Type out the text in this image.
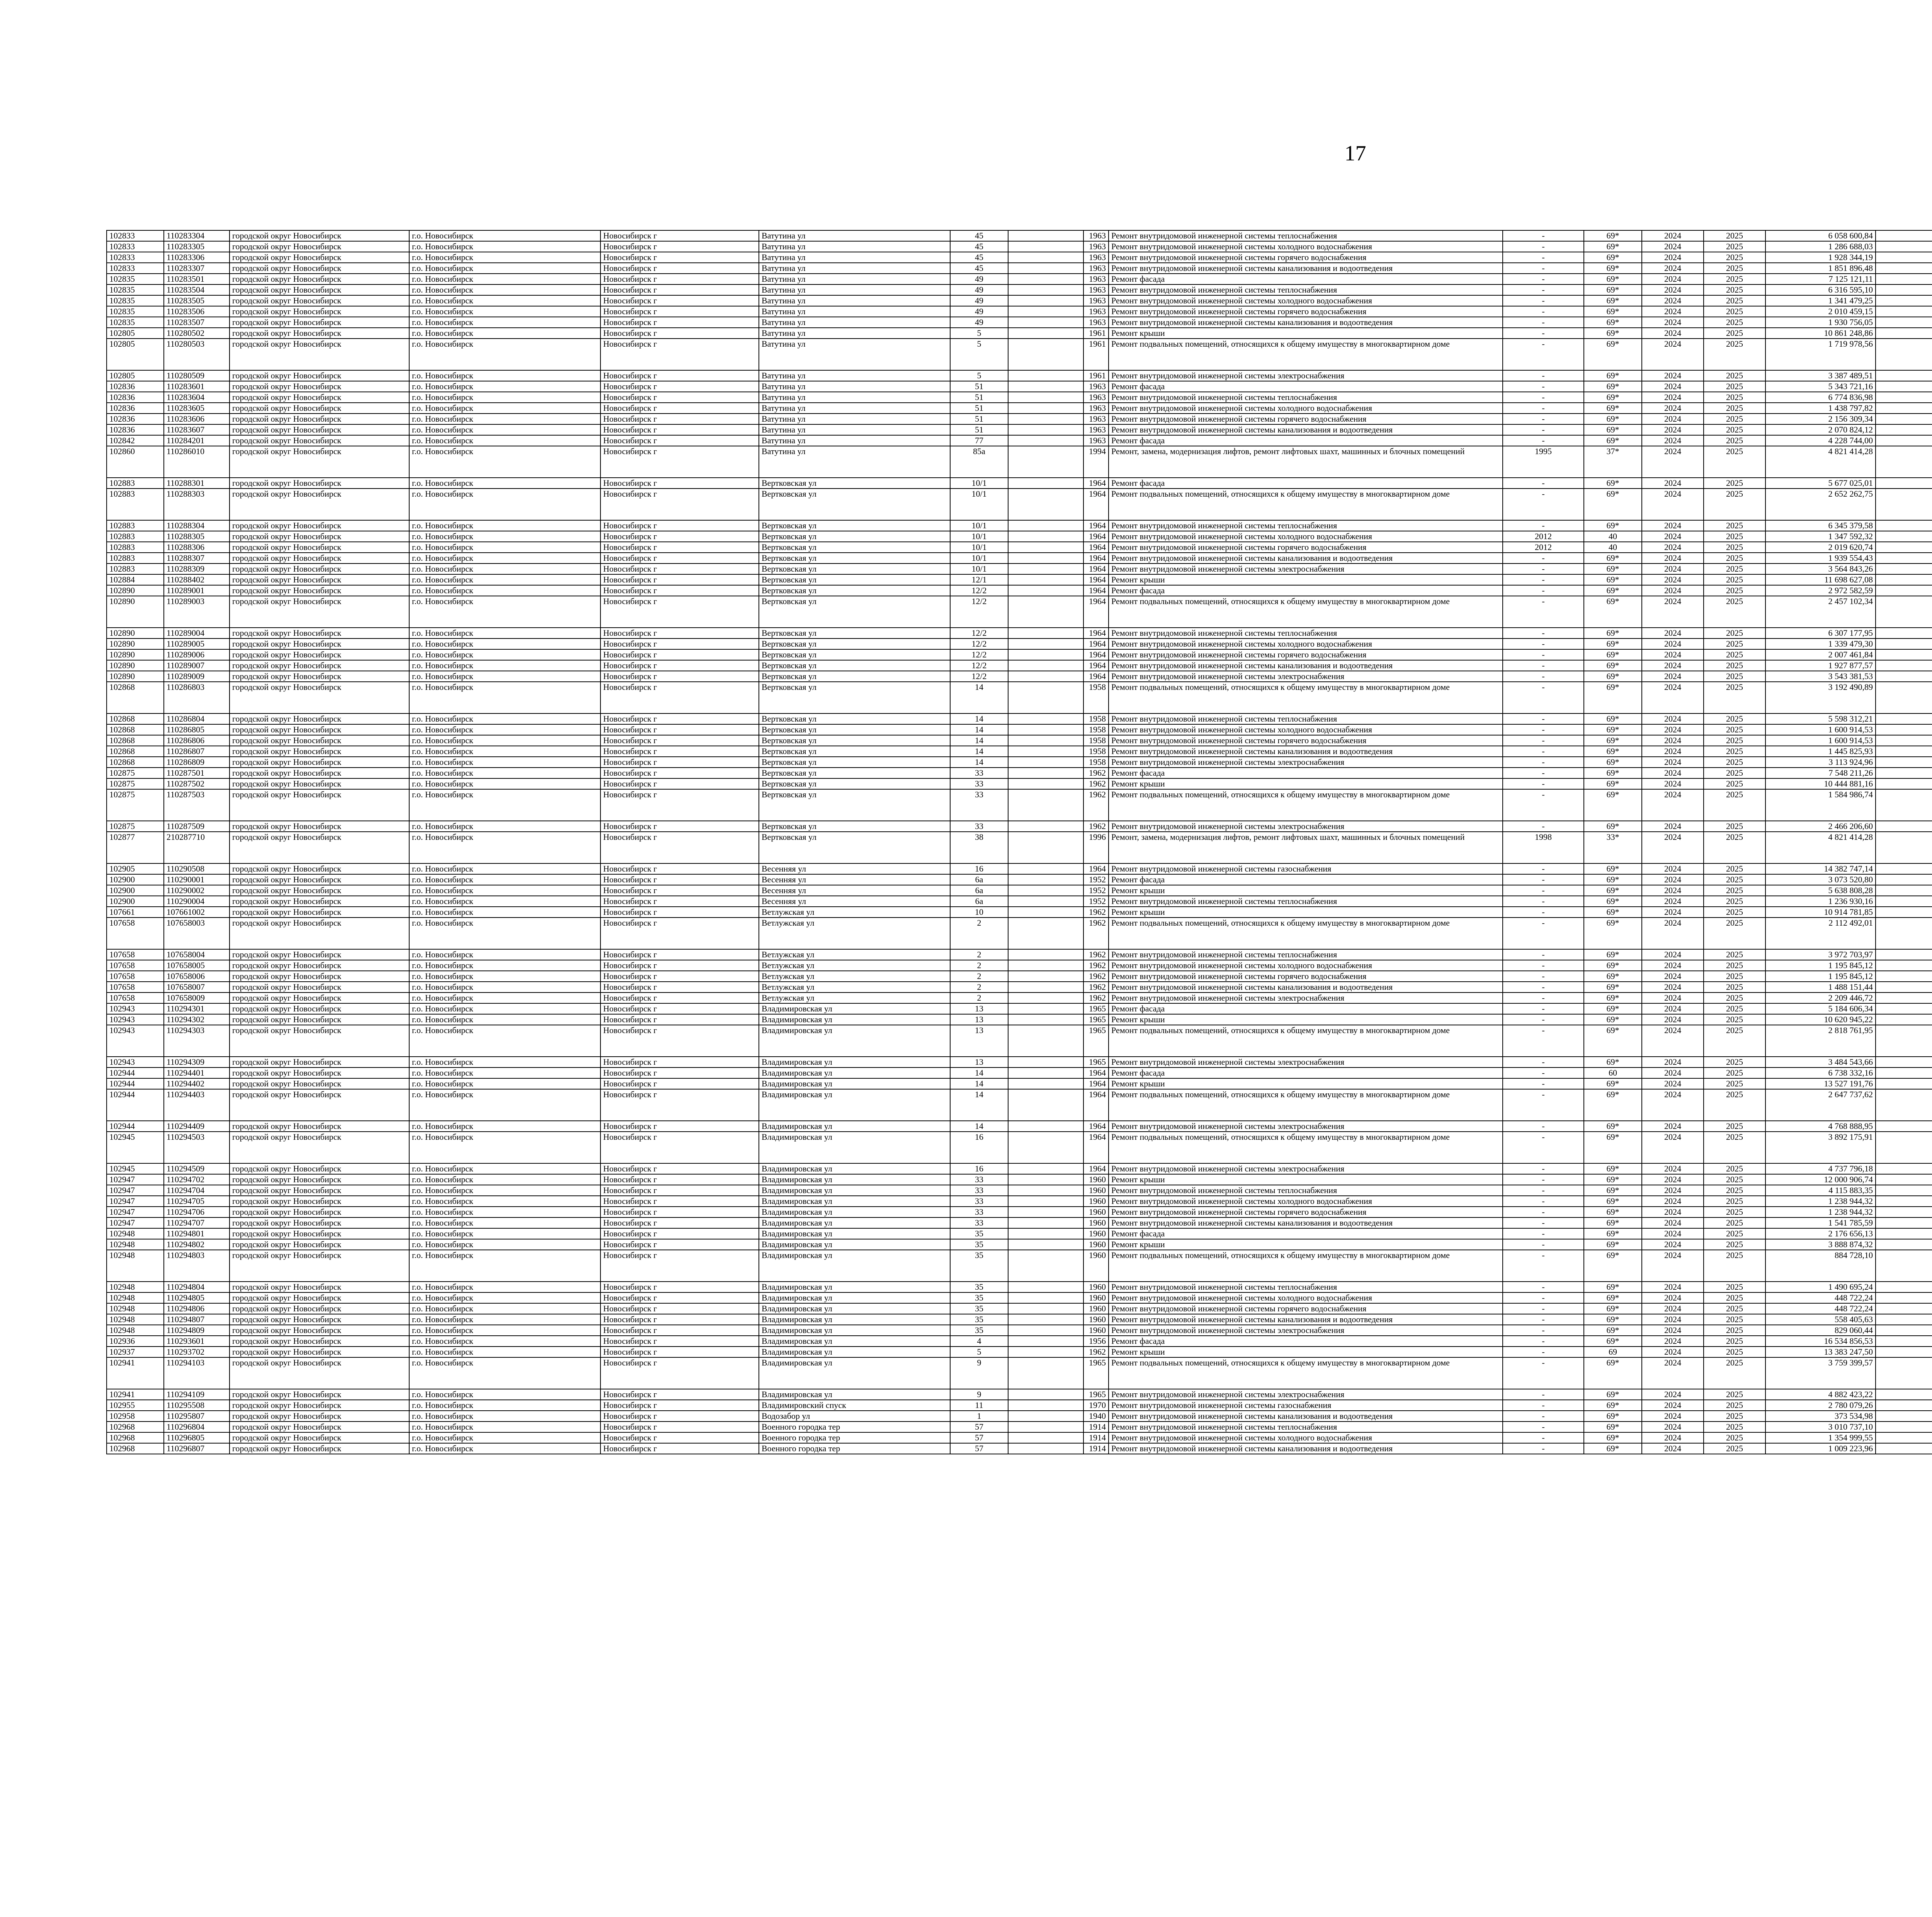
17
102833	110283304	городской округ Новосибирск	г.о. Новосибирск	Новосибирск г	Ватутина ул	45		1963	Ремонт внутридомовой инженерной системы теплоснабжения	-	69*	2024	2025	6 058 600,84						
102833	110283305	городской округ Новосибирск	г.о. Новосибирск	Новосибирск г	Ватутина ул	45		1963	Ремонт внутридомовой инженерной системы холодного водоснабжения	-	69*	2024	2025	1 286 688,03						
102833	110283306	городской округ Новосибирск	г.о. Новосибирск	Новосибирск г	Ватутина ул	45		1963	Ремонт внутридомовой инженерной системы горячего водоснабжения	-	69*	2024	2025	1 928 344,19						
102833	110283307	городской округ Новосибирск	г.о. Новосибирск	Новосибирск г	Ватутина ул	45		1963	Ремонт внутридомовой инженерной системы канализования и водоотведения	-	69*	2024	2025	1 851 896,48						
102835	110283501	городской округ Новосибирск	г.о. Новосибирск	Новосибирск г	Ватутина ул	49		1963	Ремонт фасада	-	69*	2024	2025	7 125 121,11						
102835	110283504	городской округ Новосибирск	г.о. Новосибирск	Новосибирск г	Ватутина ул	49		1963	Ремонт внутридомовой инженерной системы теплоснабжения	-	69*	2024	2025	6 316 595,10						
102835	110283505	городской округ Новосибирск	г.о. Новосибирск	Новосибирск г	Ватутина ул	49		1963	Ремонт внутридомовой инженерной системы холодного водоснабжения	-	69*	2024	2025	1 341 479,25						
102835	110283506	городской округ Новосибирск	г.о. Новосибирск	Новосибирск г	Ватутина ул	49		1963	Ремонт внутридомовой инженерной системы горячего водоснабжения	-	69*	2024	2025	2 010 459,15						
102835	110283507	городской округ Новосибирск	г.о. Новосибирск	Новосибирск г	Ватутина ул	49		1963	Ремонт внутридомовой инженерной системы канализования и водоотведения	-	69*	2024	2025	1 930 756,05						
102805	110280502	городской округ Новосибирск	г.о. Новосибирск	Новосибирск г	Ватутина ул	5		1961	Ремонт крыши	-	69*	2024	2025	10 861 248,86						
102805	110280503	городской округ Новосибирск	г.о. Новосибирск	Новосибирск г	Ватутина ул	5		1961	Ремонт подвальных помещений, относящихся к общему имуществу в многоквартирном доме	-	69*	2024	2025	1 719 978,56						
102805	110280509	городской округ Новосибирск	г.о. Новосибирск	Новосибирск г	Ватутина ул	5		1961	Ремонт внутридомовой инженерной системы электроснабжения	-	69*	2024	2025	3 387 489,51						
102836	110283601	городской округ Новосибирск	г.о. Новосибирск	Новосибирск г	Ватутина ул	51		1963	Ремонт фасада	-	69*	2024	2025	5 343 721,16						
102836	110283604	городской округ Новосибирск	г.о. Новосибирск	Новосибирск г	Ватутина ул	51		1963	Ремонт внутридомовой инженерной системы теплоснабжения	-	69*	2024	2025	6 774 836,98						
102836	110283605	городской округ Новосибирск	г.о. Новосибирск	Новосибирск г	Ватутина ул	51		1963	Ремонт внутридомовой инженерной системы холодного водоснабжения	-	69*	2024	2025	1 438 797,82						
102836	110283606	городской округ Новосибирск	г.о. Новосибирск	Новосибирск г	Ватутина ул	51		1963	Ремонт внутридомовой инженерной системы горячего водоснабжения	-	69*	2024	2025	2 156 309,34						
102836	110283607	городской округ Новосибирск	г.о. Новосибирск	Новосибирск г	Ватутина ул	51		1963	Ремонт внутридомовой инженерной системы канализования и водоотведения	-	69*	2024	2025	2 070 824,12						
102842	110284201	городской округ Новосибирск	г.о. Новосибирск	Новосибирск г	Ватутина ул	77		1963	Ремонт фасада	-	69*	2024	2025	4 228 744,00						
102860	110286010	городской округ Новосибирск	г.о. Новосибирск	Новосибирск г	Ватутина ул	85а		1994	Ремонт, замена, модернизация лифтов, ремонт лифтовых шахт, машинных и блочных помещений	1995	37*	2024	2025	4 821 414,28						
102883	110288301	городской округ Новосибирск	г.о. Новосибирск	Новосибирск г	Вертковская ул	10/1		1964	Ремонт фасада	-	69*	2024	2025	5 677 025,01						
102883	110288303	городской округ Новосибирск	г.о. Новосибирск	Новосибирск г	Вертковская ул	10/1		1964	Ремонт подвальных помещений, относящихся к общему имуществу в многоквартирном доме	-	69*	2024	2025	2 652 262,75						
102883	110288304	городской округ Новосибирск	г.о. Новосибирск	Новосибирск г	Вертковская ул	10/1		1964	Ремонт внутридомовой инженерной системы теплоснабжения	-	69*	2024	2025	6 345 379,58						
102883	110288305	городской округ Новосибирск	г.о. Новосибирск	Новосибирск г	Вертковская ул	10/1		1964	Ремонт внутридомовой инженерной системы холодного водоснабжения	2012	40	2024	2025	1 347 592,32						
102883	110288306	городской округ Новосибирск	г.о. Новосибирск	Новосибирск г	Вертковская ул	10/1		1964	Ремонт внутридомовой инженерной системы горячего водоснабжения	2012	40	2024	2025	2 019 620,74						
102883	110288307	городской округ Новосибирск	г.о. Новосибирск	Новосибирск г	Вертковская ул	10/1		1964	Ремонт внутридомовой инженерной системы канализования и водоотведения	-	69*	2024	2025	1 939 554,43						
102883	110288309	городской округ Новосибирск	г.о. Новосибирск	Новосибирск г	Вертковская ул	10/1		1964	Ремонт внутридомовой инженерной системы электроснабжения	-	69*	2024	2025	3 564 843,26						
102884	110288402	городской округ Новосибирск	г.о. Новосибирск	Новосибирск г	Вертковская ул	12/1		1964	Ремонт крыши	-	69*	2024	2025	11 698 627,08						
102890	110289001	городской округ Новосибирск	г.о. Новосибирск	Новосибирск г	Вертковская ул	12/2		1964	Ремонт фасада	-	69*	2024	2025	2 972 582,59						
102890	110289003	городской округ Новосибирск	г.о. Новосибирск	Новосибирск г	Вертковская ул	12/2		1964	Ремонт подвальных помещений, относящихся к общему имуществу в многоквартирном доме	-	69*	2024	2025	2 457 102,34						
102890	110289004	городской округ Новосибирск	г.о. Новосибирск	Новосибирск г	Вертковская ул	12/2		1964	Ремонт внутридомовой инженерной системы теплоснабжения	-	69*	2024	2025	6 307 177,95						
102890	110289005	городской округ Новосибирск	г.о. Новосибирск	Новосибирск г	Вертковская ул	12/2		1964	Ремонт внутридомовой инженерной системы холодного водоснабжения	-	69*	2024	2025	1 339 479,30						
102890	110289006	городской округ Новосибирск	г.о. Новосибирск	Новосибирск г	Вертковская ул	12/2		1964	Ремонт внутридомовой инженерной системы горячего водоснабжения	-	69*	2024	2025	2 007 461,84						
102890	110289007	городской округ Новосибирск	г.о. Новосибирск	Новосибирск г	Вертковская ул	12/2		1964	Ремонт внутридомовой инженерной системы канализования и водоотведения	-	69*	2024	2025	1 927 877,57						
102890	110289009	городской округ Новосибирск	г.о. Новосибирск	Новосибирск г	Вертковская ул	12/2		1964	Ремонт внутридомовой инженерной системы электроснабжения	-	69*	2024	2025	3 543 381,53						
102868	110286803	городской округ Новосибирск	г.о. Новосибирск	Новосибирск г	Вертковская ул	14		1958	Ремонт подвальных помещений, относящихся к общему имуществу в многоквартирном доме	-	69*	2024	2025	3 192 490,89						
102868	110286804	городской округ Новосибирск	г.о. Новосибирск	Новосибирск г	Вертковская ул	14		1958	Ремонт внутридомовой инженерной системы теплоснабжения	-	69*	2024	2025	5 598 312,21						
102868	110286805	городской округ Новосибирск	г.о. Новосибирск	Новосибирск г	Вертковская ул	14		1958	Ремонт внутридомовой инженерной системы холодного водоснабжения	-	69*	2024	2025	1 600 914,53						
102868	110286806	городской округ Новосибирск	г.о. Новосибирск	Новосибирск г	Вертковская ул	14		1958	Ремонт внутридомовой инженерной системы горячего водоснабжения	-	69*	2024	2025	1 600 914,53						
102868	110286807	городской округ Новосибирск	г.о. Новосибирск	Новосибирск г	Вертковская ул	14		1958	Ремонт внутридомовой инженерной системы канализования и водоотведения	-	69*	2024	2025	1 445 825,93						
102868	110286809	городской округ Новосибирск	г.о. Новосибирск	Новосибирск г	Вертковская ул	14		1958	Ремонт внутридомовой инженерной системы электроснабжения	-	69*	2024	2025	3 113 924,96						
102875	110287501	городской округ Новосибирск	г.о. Новосибирск	Новосибирск г	Вертковская ул	33		1962	Ремонт фасада	-	69*	2024	2025	7 548 211,26						
102875	110287502	городской округ Новосибирск	г.о. Новосибирск	Новосибирск г	Вертковская ул	33		1962	Ремонт крыши	-	69*	2024	2025	10 444 881,16						
102875	110287503	городской округ Новосибирск	г.о. Новосибирск	Новосибирск г	Вертковская ул	33		1962	Ремонт подвальных помещений, относящихся к общему имуществу в многоквартирном доме	-	69*	2024	2025	1 584 986,74						
102875	110287509	городской округ Новосибирск	г.о. Новосибирск	Новосибирск г	Вертковская ул	33		1962	Ремонт внутридомовой инженерной системы электроснабжения	-	69*	2024	2025	2 466 206,60						
102877	210287710	городской округ Новосибирск	г.о. Новосибирск	Новосибирск г	Вертковская ул	38		1996	Ремонт, замена, модернизация лифтов, ремонт лифтовых шахт, машинных и блочных помещений	1998	33*	2024	2025	4 821 414,28						
102905	110290508	городской округ Новосибирск	г.о. Новосибирск	Новосибирск г	Весенняя ул	16		1964	Ремонт внутридомовой инженерной системы газоснабжения	-	69*	2024	2025	14 382 747,14						
102900	110290001	городской округ Новосибирск	г.о. Новосибирск	Новосибирск г	Весенняя ул	6а		1952	Ремонт фасада	-	69*	2024	2025	3 073 520,80						
102900	110290002	городской округ Новосибирск	г.о. Новосибирск	Новосибирск г	Весенняя ул	6а		1952	Ремонт крыши	-	69*	2024	2025	5 638 808,28						
102900	110290004	городской округ Новосибирск	г.о. Новосибирск	Новосибирск г	Весенняя ул	6а		1952	Ремонт внутридомовой инженерной системы теплоснабжения	-	69*	2024	2025	1 236 930,16						
107661	107661002	городской округ Новосибирск	г.о. Новосибирск	Новосибирск г	Ветлужская ул	10		1962	Ремонт крыши	-	69*	2024	2025	10 914 781,85						
107658	107658003	городской округ Новосибирск	г.о. Новосибирск	Новосибирск г	Ветлужская ул	2		1962	Ремонт подвальных помещений, относящихся к общему имуществу в многоквартирном доме	-	69*	2024	2025	2 112 492,01						
107658	107658004	городской округ Новосибирск	г.о. Новосибирск	Новосибирск г	Ветлужская ул	2		1962	Ремонт внутридомовой инженерной системы теплоснабжения	-	69*	2024	2025	3 972 703,97						
107658	107658005	городской округ Новосибирск	г.о. Новосибирск	Новосибирск г	Ветлужская ул	2		1962	Ремонт внутридомовой инженерной системы холодного водоснабжения	-	69*	2024	2025	1 195 845,12						
107658	107658006	городской округ Новосибирск	г.о. Новосибирск	Новосибирск г	Ветлужская ул	2		1962	Ремонт внутридомовой инженерной системы горячего водоснабжения	-	69*	2024	2025	1 195 845,12						
107658	107658007	городской округ Новосибирск	г.о. Новосибирск	Новосибирск г	Ветлужская ул	2		1962	Ремонт внутридомовой инженерной системы канализования и водоотведения	-	69*	2024	2025	1 488 151,44						
107658	107658009	городской округ Новосибирск	г.о. Новосибирск	Новосибирск г	Ветлужская ул	2		1962	Ремонт внутридомовой инженерной системы электроснабжения	-	69*	2024	2025	2 209 446,72						
102943	110294301	городской округ Новосибирск	г.о. Новосибирск	Новосибирск г	Владимировская ул	13		1965	Ремонт фасада	-	69*	2024	2025	5 184 606,34						
102943	110294302	городской округ Новосибирск	г.о. Новосибирск	Новосибирск г	Владимировская ул	13		1965	Ремонт крыши	-	69*	2024	2025	10 620 945,22						
102943	110294303	городской округ Новосибирск	г.о. Новосибирск	Новосибирск г	Владимировская ул	13		1965	Ремонт подвальных помещений, относящихся к общему имуществу в многоквартирном доме	-	69*	2024	2025	2 818 761,95						
102943	110294309	городской округ Новосибирск	г.о. Новосибирск	Новосибирск г	Владимировская ул	13		1965	Ремонт внутридомовой инженерной системы электроснабжения	-	69*	2024	2025	3 484 543,66						
102944	110294401	городской округ Новосибирск	г.о. Новосибирск	Новосибирск г	Владимировская ул	14		1964	Ремонт фасада	-	60	2024	2025	6 738 332,16						
102944	110294402	городской округ Новосибирск	г.о. Новосибирск	Новосибирск г	Владимировская ул	14		1964	Ремонт крыши	-	69*	2024	2025	13 527 191,76						
102944	110294403	городской округ Новосибирск	г.о. Новосибирск	Новосибирск г	Владимировская ул	14		1964	Ремонт подвальных помещений, относящихся к общему имуществу в многоквартирном доме	-	69*	2024	2025	2 647 737,62						
102944	110294409	городской округ Новосибирск	г.о. Новосибирск	Новосибирск г	Владимировская ул	14		1964	Ремонт внутридомовой инженерной системы электроснабжения	-	69*	2024	2025	4 768 888,95						
102945	110294503	городской округ Новосибирск	г.о. Новосибирск	Новосибирск г	Владимировская ул	16		1964	Ремонт подвальных помещений, относящихся к общему имуществу в многоквартирном доме	-	69*	2024	2025	3 892 175,91						
102945	110294509	городской округ Новосибирск	г.о. Новосибирск	Новосибирск г	Владимировская ул	16		1964	Ремонт внутридомовой инженерной системы электроснабжения	-	69*	2024	2025	4 737 796,18						
102947	110294702	городской округ Новосибирск	г.о. Новосибирск	Новосибирск г	Владимировская ул	33		1960	Ремонт крыши	-	69*	2024	2025	12 000 906,74						
102947	110294704	городской округ Новосибирск	г.о. Новосибирск	Новосибирск г	Владимировская ул	33		1960	Ремонт внутридомовой инженерной системы теплоснабжения	-	69*	2024	2025	4 115 883,35						
102947	110294705	городской округ Новосибирск	г.о. Новосибирск	Новосибирск г	Владимировская ул	33		1960	Ремонт внутридомовой инженерной системы холодного водоснабжения	-	69*	2024	2025	1 238 944,32						
102947	110294706	городской округ Новосибирск	г.о. Новосибирск	Новосибирск г	Владимировская ул	33		1960	Ремонт внутридомовой инженерной системы горячего водоснабжения	-	69*	2024	2025	1 238 944,32						
102947	110294707	городской округ Новосибирск	г.о. Новосибирск	Новосибирск г	Владимировская ул	33		1960	Ремонт внутридомовой инженерной системы канализования и водоотведения	-	69*	2024	2025	1 541 785,59						
102948	110294801	городской округ Новосибирск	г.о. Новосибирск	Новосибирск г	Владимировская ул	35		1960	Ремонт фасада	-	69*	2024	2025	2 176 656,13						
102948	110294802	городской округ Новосибирск	г.о. Новосибирск	Новосибирск г	Владимировская ул	35		1960	Ремонт крыши	-	69*	2024	2025	3 888 874,32						
102948	110294803	городской округ Новосибирск	г.о. Новосибирск	Новосибирск г	Владимировская ул	35		1960	Ремонт подвальных помещений, относящихся к общему имуществу в многоквартирном доме	-	69*	2024	2025	884 728,10						
102948	110294804	городской округ Новосибирск	г.о. Новосибирск	Новосибирск г	Владимировская ул	35		1960	Ремонт внутридомовой инженерной системы теплоснабжения	-	69*	2024	2025	1 490 695,24						
102948	110294805	городской округ Новосибирск	г.о. Новосибирск	Новосибирск г	Владимировская ул	35		1960	Ремонт внутридомовой инженерной системы холодного водоснабжения	-	69*	2024	2025	448 722,24						
102948	110294806	городской округ Новосибирск	г.о. Новосибирск	Новосибирск г	Владимировская ул	35		1960	Ремонт внутридомовой инженерной системы горячего водоснабжения	-	69*	2024	2025	448 722,24						
102948	110294807	городской округ Новосибирск	г.о. Новосибирск	Новосибирск г	Владимировская ул	35		1960	Ремонт внутридомовой инженерной системы канализования и водоотведения	-	69*	2024	2025	558 405,63						
102948	110294809	городской округ Новосибирск	г.о. Новосибирск	Новосибирск г	Владимировская ул	35		1960	Ремонт внутридомовой инженерной системы электроснабжения	-	69*	2024	2025	829 060,44						
102936	110293601	городской округ Новосибирск	г.о. Новосибирск	Новосибирск г	Владимировская ул	4		1956	Ремонт фасада	-	69*	2024	2025	16 534 856,53						
102937	110293702	городской округ Новосибирск	г.о. Новосибирск	Новосибирск г	Владимировская ул	5		1962	Ремонт крыши	-	69	2024	2025	13 383 247,50						
102941	110294103	городской округ Новосибирск	г.о. Новосибирск	Новосибирск г	Владимировская ул	9		1965	Ремонт подвальных помещений, относящихся к общему имуществу в многоквартирном доме	-	69*	2024	2025	3 759 399,57						
102941	110294109	городской округ Новосибирск	г.о. Новосибирск	Новосибирск г	Владимировская ул	9		1965	Ремонт внутридомовой инженерной системы электроснабжения	-	69*	2024	2025	4 882 423,22						
102955	110295508	городской округ Новосибирск	г.о. Новосибирск	Новосибирск г	Владимировский спуск	11		1970	Ремонт внутридомовой инженерной системы газоснабжения	-	69*	2024	2025	2 780 079,26						
102958	110295807	городской округ Новосибирск	г.о. Новосибирск	Новосибирск г	Водозабор ул	1		1940	Ремонт внутридомовой инженерной системы канализования и водоотведения	-	69*	2024	2025	373 534,98						
102968	110296804	городской округ Новосибирск	г.о. Новосибирск	Новосибирск г	Военного городка тер	57		1914	Ремонт внутридомовой инженерной системы теплоснабжения	-	69*	2024	2025	3 010 737,10						
102968	110296805	городской округ Новосибирск	г.о. Новосибирск	Новосибирск г	Военного городка тер	57		1914	Ремонт внутридомовой инженерной системы холодного водоснабжения	-	69*	2024	2025	1 354 999,55						
102968	110296807	городской округ Новосибирск	г.о. Новосибирск	Новосибирск г	Военного городка тер	57		1914	Ремонт внутридомовой инженерной системы канализования и водоотведения	-	69*	2024	2025	1 009 223,96						
